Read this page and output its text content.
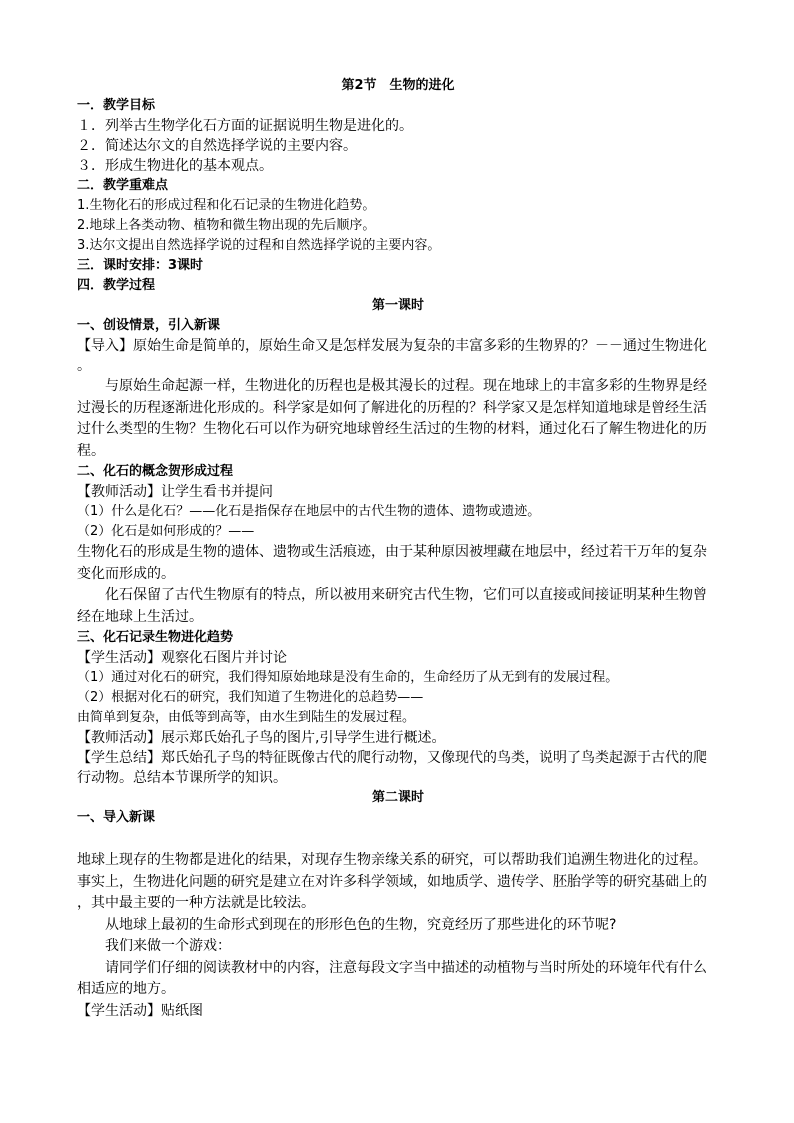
第2节　生物的进化
一．教学目标
１．列举古生物学化石方面的证据说明生物是进化的。
２．简述达尔文的自然选择学说的主要内容。
３．形成生物进化的基本观点。
二．教学重难点
1.生物化石的形成过程和化石记录的生物进化趋势。
2.地球上各类动物、植物和微生物出现的先后顺序。
3.达尔文提出自然选择学说的过程和自然选择学说的主要内容。
三．课时安排：3课时
四．教学过程
第一课时
一、创设情景，引入新课
【导入】原始生命是简单的，原始生命又是怎样发展为复杂的丰富多彩的生物界的？－－通过生物进化
。
与原始生命起源一样，生物进化的历程也是极其漫长的过程。现在地球上的丰富多彩的生物界是经
过漫长的历程逐渐进化形成的。科学家是如何了解进化的历程的？科学家又是怎样知道地球是曾经生活
过什么类型的生物？生物化石可以作为研究地球曾经生活过的生物的材料，通过化石了解生物进化的历
程。
二、化石的概念贺形成过程
【教师活动】让学生看书并提问
（1）什么是化石？——化石是指保存在地层中的古代生物的遗体、遗物或遗迹。
（2）化石是如何形成的？——
生物化石的形成是生物的遗体、遗物或生活痕迹，由于某种原因被埋藏在地层中，经过若干万年的复杂
变化而形成的。
化石保留了古代生物原有的特点，所以被用来研究古代生物，它们可以直接或间接证明某种生物曾
经在地球上生活过。
三、化石记录生物进化趋势
【学生活动】观察化石图片并讨论
（1）通过对化石的研究，我们得知原始地球是没有生命的，生命经历了从无到有的发展过程。
（2）根据对化石的研究，我们知道了生物进化的总趋势——
由简单到复杂，由低等到高等，由水生到陆生的发展过程。
【教师活动】展示郑氏始孔子鸟的图片,引导学生进行概述。
【学生总结】郑氏始孔子鸟的特征既像古代的爬行动物，又像现代的鸟类，说明了鸟类起源于古代的爬
行动物。总结本节课所学的知识。
第二课时
一、导入新课
地球上现存的生物都是进化的结果，对现存生物亲缘关系的研究，可以帮助我们追溯生物进化的过程。
事实上，生物进化问题的研究是建立在对许多科学领域，如地质学、遗传学、胚胎学等的研究基础上的
，其中最主要的一种方法就是比较法。
从地球上最初的生命形式到现在的形形色色的生物，究竟经历了那些进化的环节呢?
我们来做一个游戏：
请同学们仔细的阅读教材中的内容，注意每段文字当中描述的动植物与当时所处的环境年代有什么
相适应的地方。
【学生活动】贴纸图
